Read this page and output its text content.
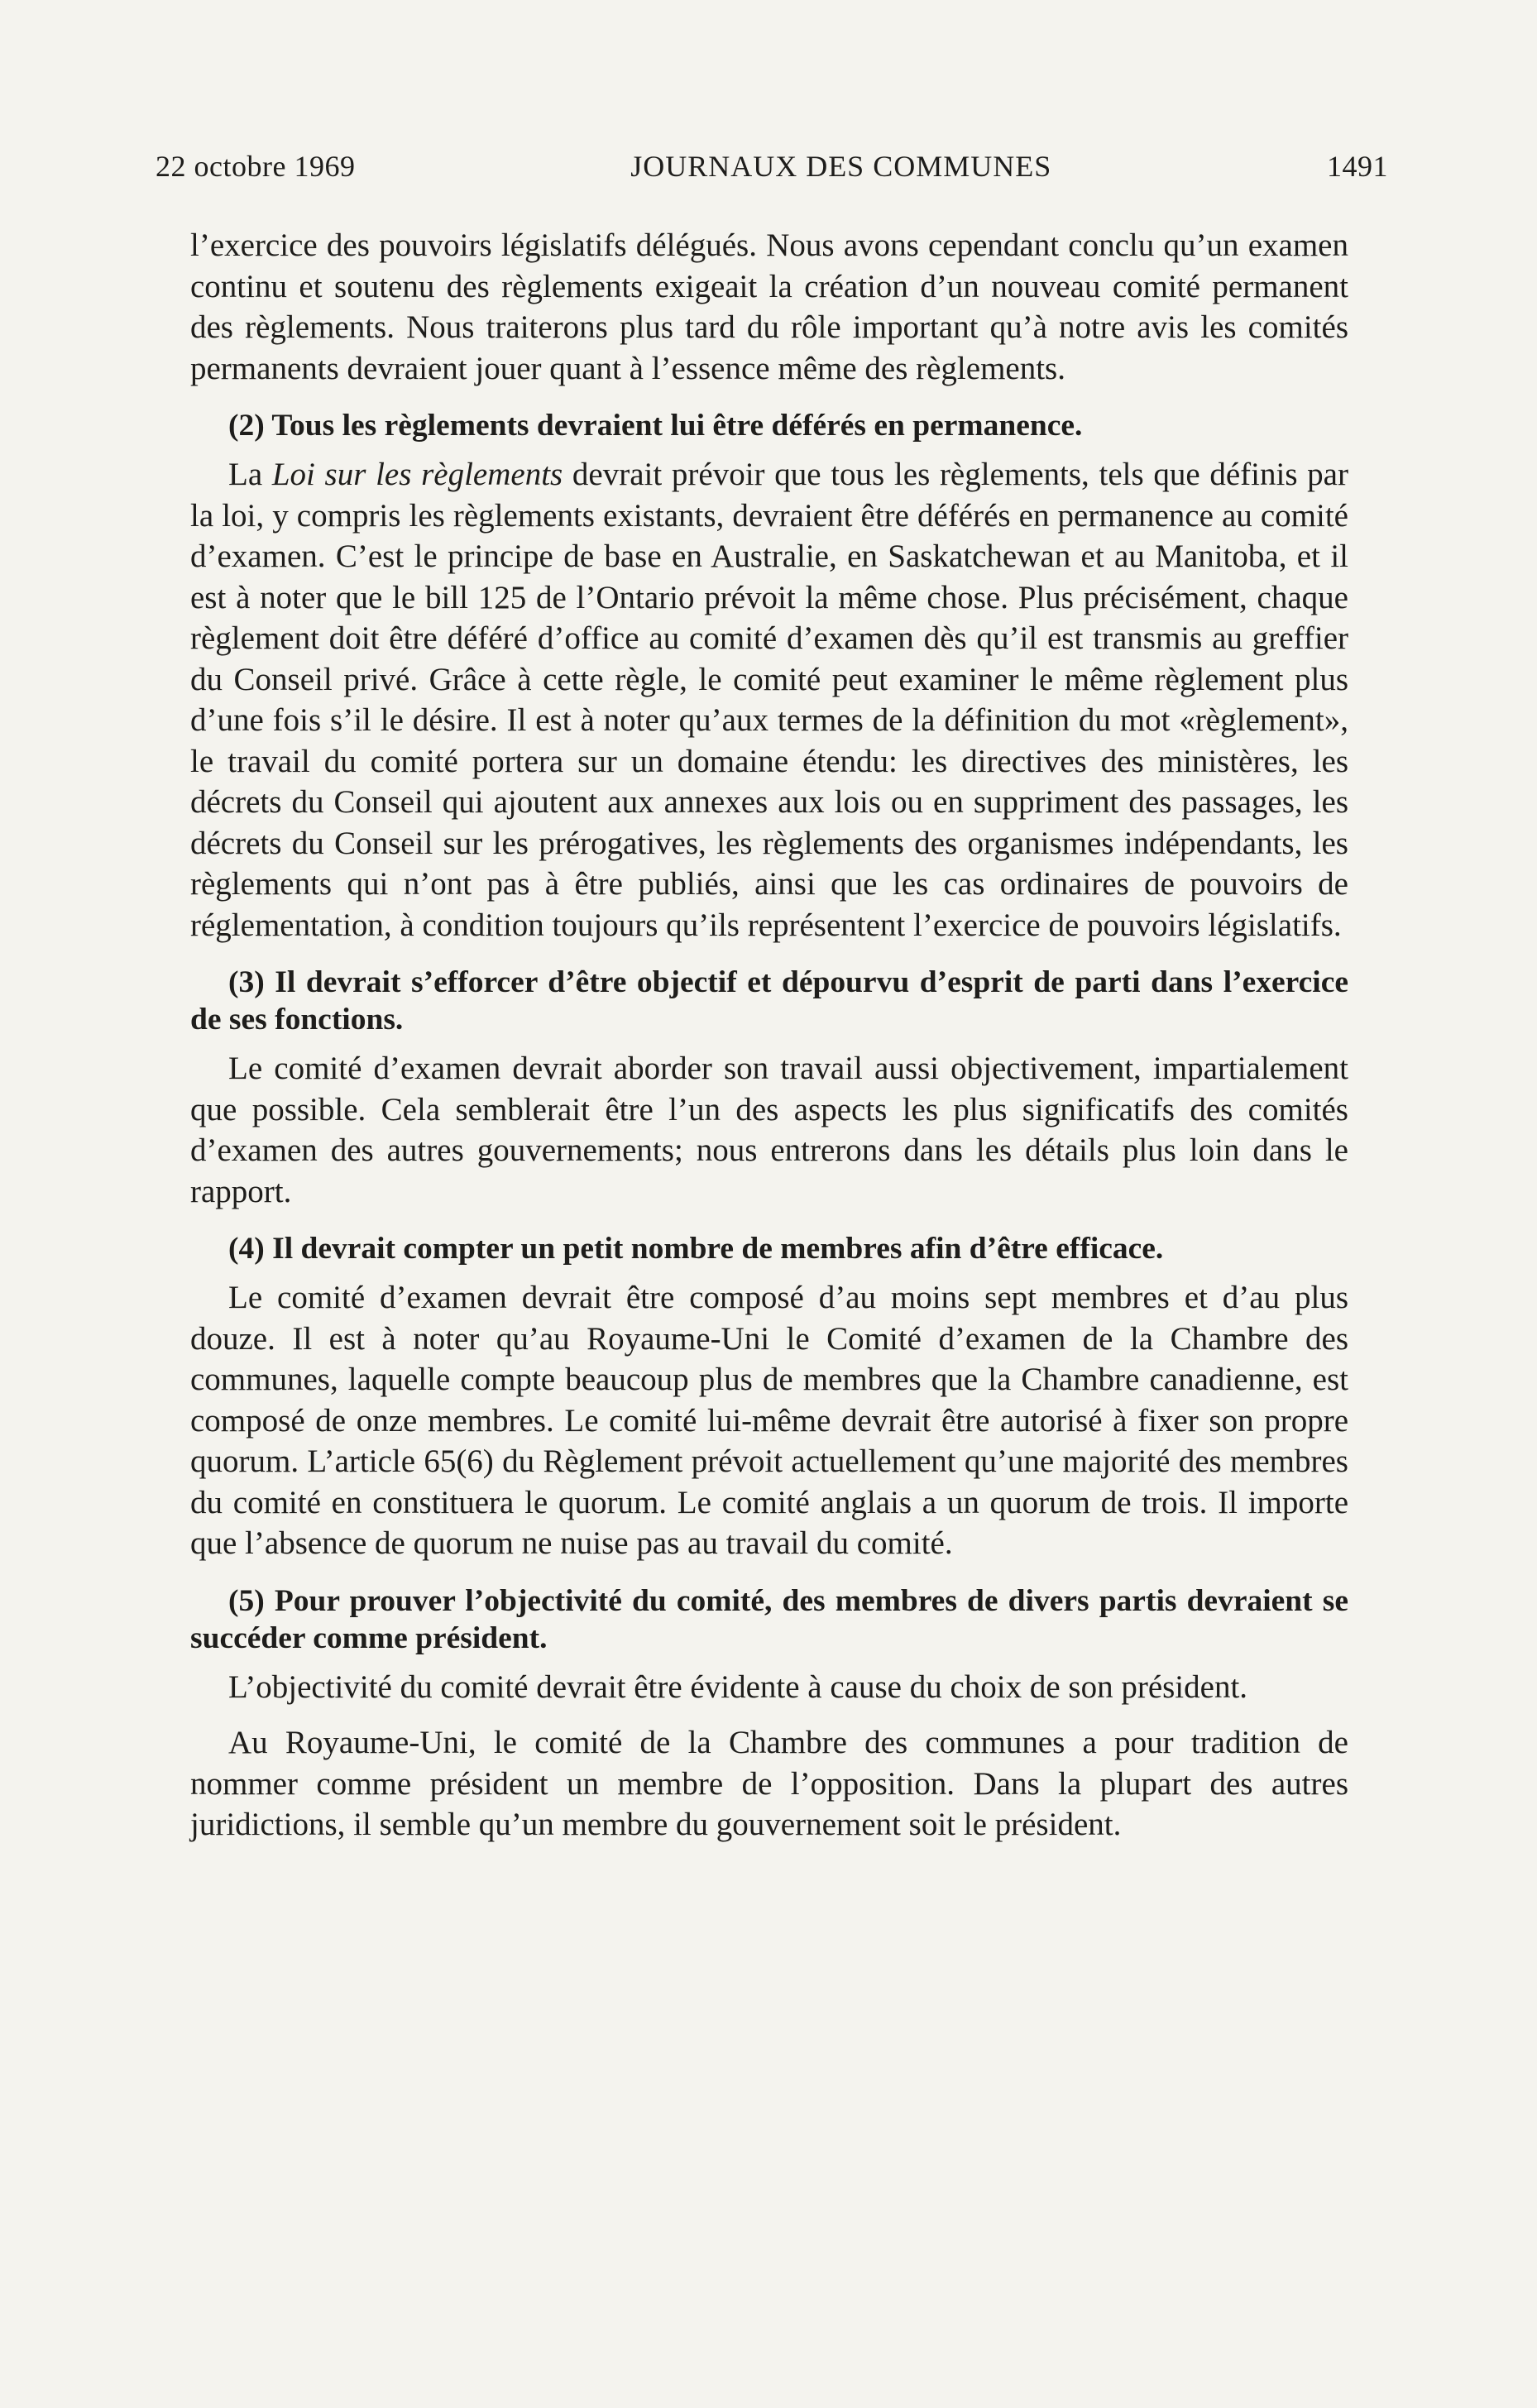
22 octobre 1969	JOURNAUX DES COMMUNES	1491

l’exercice des pouvoirs législatifs délégués. Nous avons cependant conclu qu’un examen continu et soutenu des règlements exigeait la création d’un nouveau comité permanent des règlements. Nous traiterons plus tard du rôle important qu’à notre avis les comités permanents devraient jouer quant à l’essence même des règlements.

(2) Tous les règlements devraient lui être déférés en permanence.

La Loi sur les règlements devrait prévoir que tous les règlements, tels que définis par la loi, y compris les règlements existants, devraient être déférés en permanence au comité d’examen. C’est le principe de base en Australie, en Saskatchewan et au Manitoba, et il est à noter que le bill 125 de l’Ontario prévoit la même chose. Plus précisément, chaque règlement doit être déféré d’office au comité d’examen dès qu’il est transmis au greffier du Conseil privé. Grâce à cette règle, le comité peut examiner le même règlement plus d’une fois s’il le désire. Il est à noter qu’aux termes de la définition du mot «règlement», le travail du comité portera sur un domaine étendu: les directives des ministères, les décrets du Conseil qui ajoutent aux annexes aux lois ou en suppriment des passages, les décrets du Conseil sur les prérogatives, les règlements des organismes indépendants, les règlements qui n’ont pas à être publiés, ainsi que les cas ordinaires de pouvoirs de réglementation, à condition toujours qu’ils représentent l’exercice de pouvoirs législatifs.

(3) Il devrait s’efforcer d’être objectif et dépourvu d’esprit de parti dans l’exercice de ses fonctions.

Le comité d’examen devrait aborder son travail aussi objectivement, impartialement que possible. Cela semblerait être l’un des aspects les plus significatifs des comités d’examen des autres gouvernements; nous entrerons dans les détails plus loin dans le rapport.

(4) Il devrait compter un petit nombre de membres afin d’être efficace.

Le comité d’examen devrait être composé d’au moins sept membres et d’au plus douze. Il est à noter qu’au Royaume-Uni le Comité d’examen de la Chambre des communes, laquelle compte beaucoup plus de membres que la Chambre canadienne, est composé de onze membres. Le comité lui-même devrait être autorisé à fixer son propre quorum. L’article 65(6) du Règlement prévoit actuellement qu’une majorité des membres du comité en constituera le quorum. Le comité anglais a un quorum de trois. Il importe que l’absence de quorum ne nuise pas au travail du comité.

(5) Pour prouver l’objectivité du comité, des membres de divers partis devraient se succéder comme président.

L’objectivité du comité devrait être évidente à cause du choix de son président.

Au Royaume-Uni, le comité de la Chambre des communes a pour tradition de nommer comme président un membre de l’opposition. Dans la plupart des autres juridictions, il semble qu’un membre du gouvernement soit le président.
